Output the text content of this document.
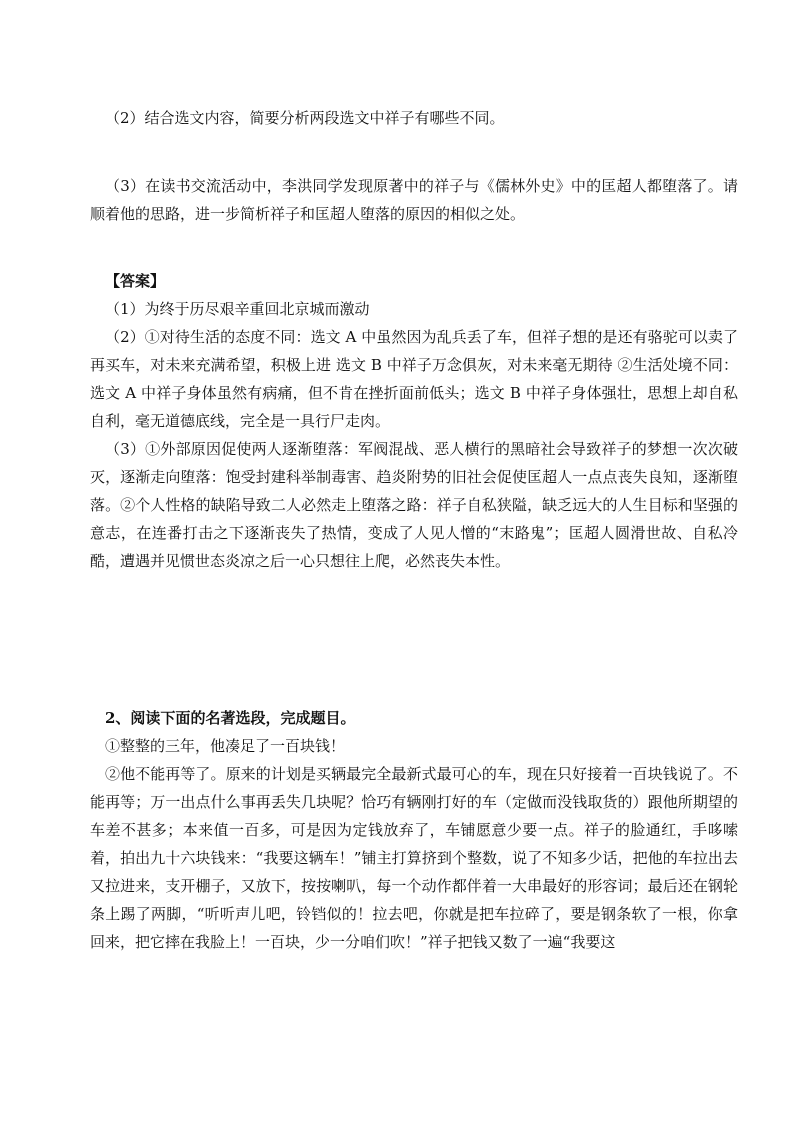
（2）结合选文内容，简要分析两段选文中祥子有哪些不同。

（3）在读书交流活动中，李洪同学发现原著中的祥子与《儒林外史》中的匡超人都堕落了。请顺着他的思路，进一步简析祥子和匡超人堕落的原因的相似之处。

【答案】

（1）为终于历尽艰辛重回北京城而激动

（2）①对待生活的态度不同：选文 A 中虽然因为乱兵丢了车，但祥子想的是还有骆驼可以卖了再买车，对未来充满希望，积极上进 选文 B 中祥子万念俱灰，对未来毫无期待 ②生活处境不同：选文 A 中祥子身体虽然有病痛，但不肯在挫折面前低头；选文 B 中祥子身体强壮，思想上却自私自利，毫无道德底线，完全是一具行尸走肉。

（3）①外部原因促使两人逐渐堕落：军阀混战、恶人横行的黑暗社会导致祥子的梦想一次次破灭，逐渐走向堕落：饱受封建科举制毒害、趋炎附势的旧社会促使匡超人一点点丧失良知，逐渐堕落。②个人性格的缺陷导致二人必然走上堕落之路：祥子自私狭隘，缺乏远大的人生目标和坚强的意志，在连番打击之下逐渐丧失了热情，变成了人见人憎的“末路鬼”；匡超人圆滑世故、自私冷酷，遭遇并见惯世态炎凉之后一心只想往上爬，必然丧失本性。

2、阅读下面的名著选段，完成题目。

①整整的三年，他凑足了一百块钱！

②他不能再等了。原来的计划是买辆最完全最新式最可心的车，现在只好接着一百块钱说了。不能再等；万一出点什么事再丢失几块呢？恰巧有辆刚打好的车（定做而没钱取货的）跟他所期望的车差不甚多；本来值一百多，可是因为定钱放弃了，车铺愿意少要一点。祥子的脸通红，手哆嗦着，拍出九十六块钱来：“我要这辆车！”铺主打算挤到个整数，说了不知多少话，把他的车拉出去又拉进来，支开棚子，又放下，按按喇叭，每一个动作都伴着一大串最好的形容词；最后还在钢轮条上踢了两脚，“听听声儿吧，铃铛似的！拉去吧，你就是把车拉碎了，要是钢条软了一根，你拿回来，把它摔在我脸上！一百块，少一分咱们吹！”祥子把钱又数了一遍“我要这
